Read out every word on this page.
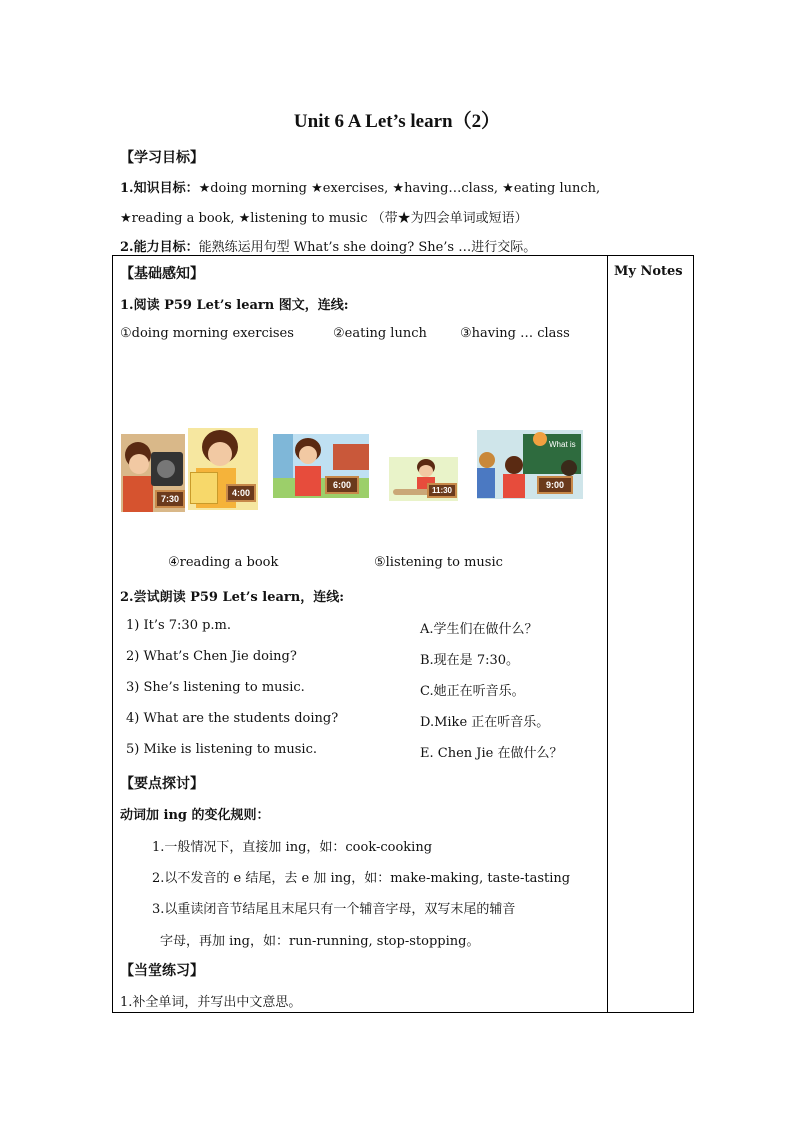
Unit 6 A Let’s learn（2）
【学习目标】
1.知识目标：★doing morning ★exercises, ★having…class, ★eating lunch,
★reading a book, ★listening to music （带★为四会单词或短语）
2.能力目标：能熟练运用句型 What’s she doing? She’s …进行交际。
My Notes
【基础感知】
1.阅读 P59 Let’s learn 图文，连线:
①doing morning exercises	②eating lunch	③having … class
7:30
4:00
6:00
11:30
What is
9:00
④reading a book	⑤listening to music
2.尝试朗读 P59 Let’s learn，连线:
1) It’s 7:30 p.m.
2) What’s Chen Jie doing?
3) She’s listening to music.
4) What are the students doing?
5) Mike is listening to music.
A.学生们在做什么？
B.现在是 7:30。
C.她正在听音乐。
D.Mike 正在听音乐。
E. Chen Jie 在做什么？
【要点探讨】
动词加 ing 的变化规则：
1.一般情况下，直接加 ing，如：cook-cooking
2.以不发音的 e 结尾，去 e 加 ing，如：make-making, taste-tasting
3.以重读闭音节结尾且末尾只有一个辅音字母，双写末尾的辅音
字母，再加 ing，如：run-running, stop-stopping。
【当堂练习】
1.补全单词，并写出中文意思。
